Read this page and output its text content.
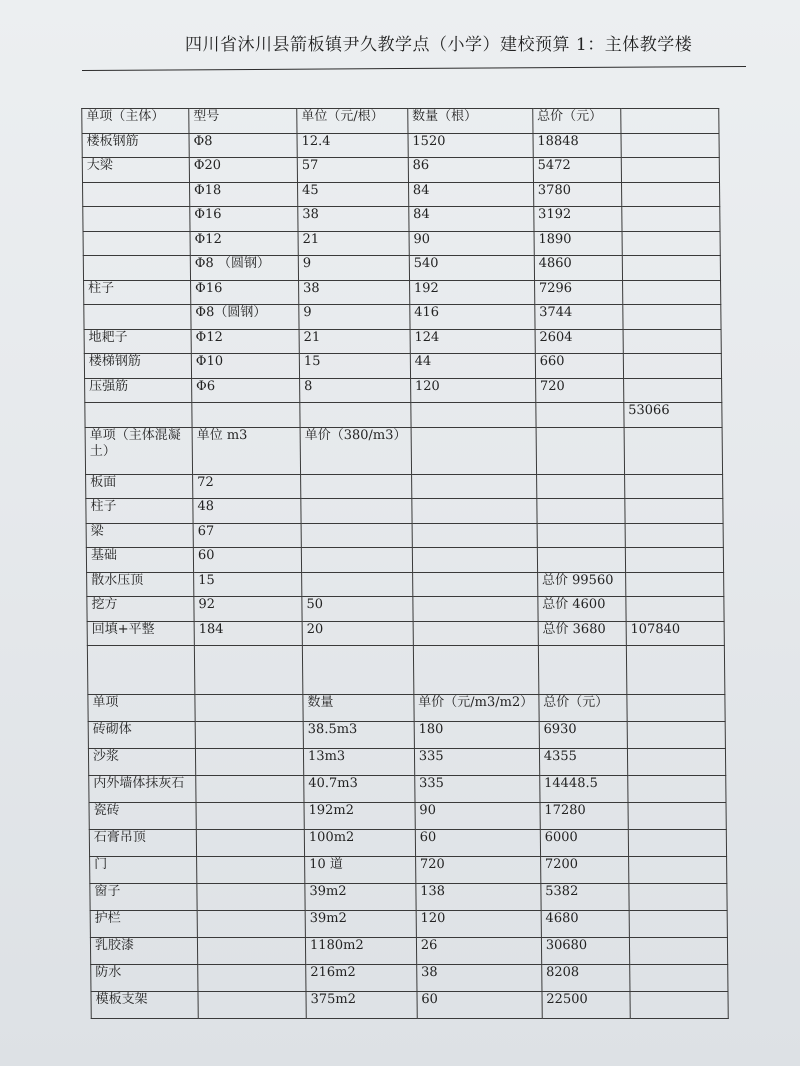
四川省沐川县箭板镇尹久教学点（小学）建校预算 1：主体教学楼
单项（主体）	型号	单位（元/根）	数量（根）	总价（元）	
楼板钢筋	Φ8	12.4	1520	18848	
大梁	Φ20	57	86	5472	
	Φ18	45	84	3780	
	Φ16	38	84	3192	
	Φ12	21	90	1890	
	Φ8 （圆钢）	9	540	4860	
柱子	Φ16	38	192	7296	
	Φ8（圆钢）	9	416	3744	
地耙子	Φ12	21	124	2604	
楼梯钢筋	Φ10	15	44	660	
压强筋	Φ6	8	120	720	
					53066
单项（主体混凝土）	单位 m3	单价（380/m3）			
板面	72				
柱子	48				
梁	67				
基础	60				
散水压顶	15			总价 99560	
挖方	92	50		总价 4600	
回填+平整	184	20		总价 3680	107840

单项		数量	单价（元/m3/m2）	总价（元）	
砖砌体		38.5m3	180	6930	
沙浆		13m3	335	4355	
内外墙体抹灰石		40.7m3	335	14448.5	
瓷砖		192m2	90	17280	
石膏吊顶		100m2	60	6000	
门		10 道	720	7200	
窗子		39m2	138	5382	
护栏		39m2	120	4680	
乳胶漆		1180m2	26	30680	
防水		216m2	38	8208	
模板支架		375m2	60	22500	
